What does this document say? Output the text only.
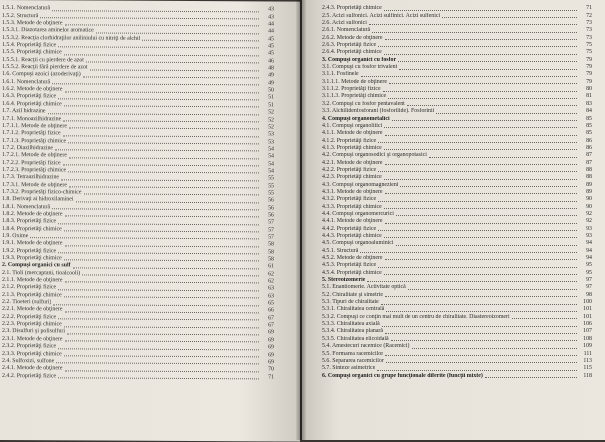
1.5.1. Nomenclatură	43
1.5.2. Structură	43
1.5.3. Metode de obţinere	44
1.5.3.1. Diazotarea aminelor aromatice	44
1.5.3.2. Reacţia clorhidraţilor aniliniului cu nitriţi de alchil	45
1.5.4. Proprietăţi fizice	45
1.5.5. Proprietăţi chimice	45
1.5.5.1. Reacţii cu pierdere de azot	46
1.5.5.2. Reacţii fără pierdere de azot	48
1.6. Compuşi azoici (azoderivaţi)	49
1.6.1. Nomenclatură	49
1.6.2. Metode de obţinere	50
1.6.3. Proprietăţi fizice	51
1.6.4. Proprietăţi chimice	51
1.7. Azil hidrazine	52
1.7.1. Monoazilhidrazine	52
1.7.1.1. Metode de obţinere	52
1.7.1.2. Proprietăţi fizice	53
1.7.1.3. Proprietăţi chimice	53
1.7.2. Diazilhidrazine	54
1.7.2.1. Metode de obţinere	54
1.7.2.2. Proprietăţi fizice	54
1.7.2.3. Proprietăţi chimice	54
1.7.3. Tetraazilhidrazine	55
1.7.3.1. Metode de obţinere	55
1.7.3.2. Proprietăţi fizico-chimice	55
1.8. Derivaţi ai hidroxilaminei	56
1.8.1. Nomenclatură	56
1.8.2. Metode de obţinere	56
1.8.3. Proprietăţi fizice	57
1.8.4. Proprietăţi chimice	57
1.9. Oxime	57
1.9.1. Metode de obţinere	58
1.9.2. Proprietăţi fizice	58
1.9.3. Proprietăţi chimice	58
2. Compuşi organici cu sulf	61
2.1. Tioli (mercaptani, tioalcooli)	62
2.1.1. Metode de obţinere	62
2.1.2. Proprietăţi fizice	63
2.1.3. Proprietăţi chimice	63
2.2. Tioeteri (sulfuri)	65
2.2.1. Metode de obţinere	66
2.2.2. Proprietăţi fizice	67
2.2.3. Proprietăţi chimice	67
2.3. Disulfuri şi polisulfuri	69
2.3.1. Metode de obţinere	69
2.3.2. Proprietăţi fizice	69
2.3.3. Proprietăţi chimice	69
2.4. Sulfoxizi, sulfone	69
2.4.1. Metode de obţinere	70
2.4.2. Proprietăţi fizice	71
2.4.3. Proprietăţi chimice	71
2.5. Acizi sulfonici. Acizi sulfinici. Acizi sulfenici	72
2.6. Acizi sulfonici	73
2.6.1. Nomenclatură	73
2.6.2. Metode de obţinere	73
2.6.3. Proprietăţi fizice	75
2.6.4. Proprietăţi chimice	75
3. Compuşi organici cu fosfor	79
3.1. Compuşi cu fosfor trivalent	79
3.1.1. Fosfinele	79
3.1.1.1. Metode de obţinere	79
3.1.1.2. Proprietăţi fizice	80
3.1.1.3. Proprietăţi chimice	81
3.2. Compuşi cu fosfor pentavalent	83
3.3. Alchilidenfosforani (fosforilide). Fosforinii	84
4. Compuşi organometalici	85
4.1. Compuşi organolitici	85
4.1.1. Metode de obţinere	85
4.1.2. Proprietăţi fizice	86
4.1.3. Proprietăţi chimice	86
4.2. Compuşi organosodici şi organopotasici	87
4.2.1. Metode de obţinere	87
4.2.2. Proprietăţi fizice	88
4.2.3. Proprietăţi chimice	88
4.3. Compuşi organomagnezieni	89
4.3.1. Metode de obţinere	89
4.3.2. Proprietăţi fizice	90
4.3.3. Proprietăţi chimice	90
4.4. Compuşi organomercurici	92
4.4.1. Metode de obţinere	92
4.4.2. Proprietăţi fizice	93
4.4.3. Proprietăţi chimice	93
4.5. Compuşi organoaluminici	94
4.5.1. Structură	94
4.5.2. Metode de obţinere	94
4.5.3. Proprietăţi fizice	95
4.5.4. Proprietăţi chimice	95
5. Stereoizomerie	97
5.1. Enantiomerie. Activitate optică	97
5.2. Chiralitate şi simetrie	98
5.3. Tipuri de chiralitate	100
5.3.1. Chiralitatea centrală	101
5.3.2. Compuşi ce conţin mai mult de un centru de chiralitate. Diastereoizomeri	101
5.3.3. Chiralitatea axială	106
5.3.4. Chiralitatea planară	107
5.3.5. Chiralitatea elicoidală	108
5.4. Amestecuri racemice (Racemici)	109
5.5. Formarea racemicilor	111
5.6. Separarea racemicilor	113
5.7. Sinteze asimetrice	115
6. Compuşi organici cu grupe funcţionale diferite (funcţii mixte)	118
